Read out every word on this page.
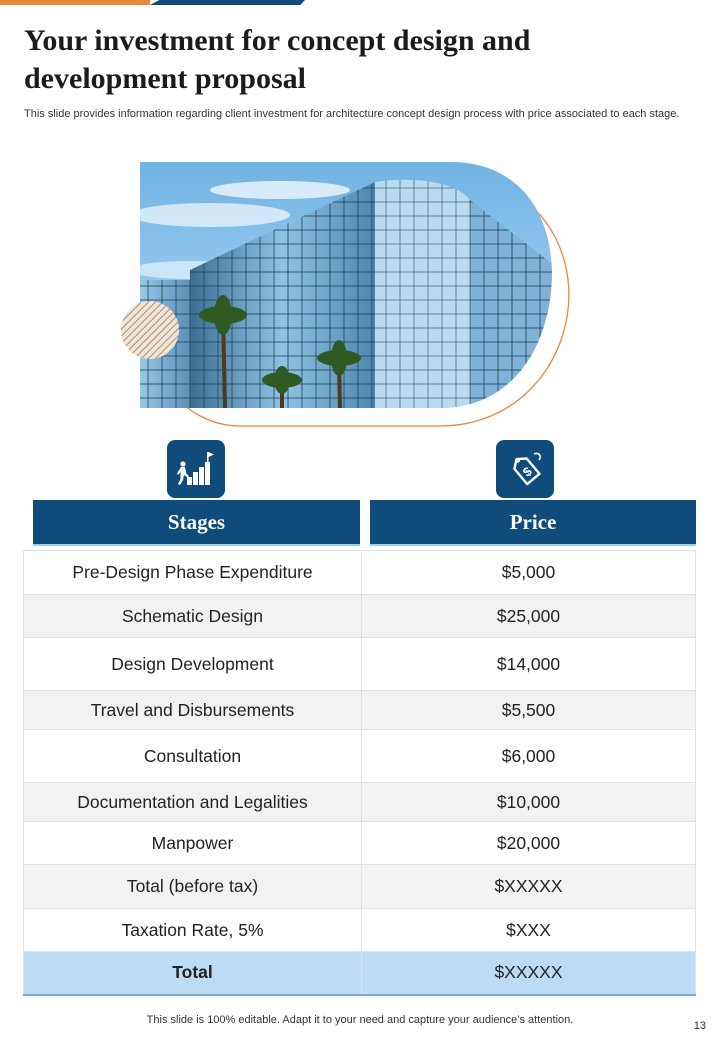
Your investment for concept design and development proposal

This slide provides information regarding client investment for architecture concept design process with price associated to each stage.

$
Stages	Price
Pre-Design Phase Expenditure	$5,000
Schematic Design	$25,000
Design Development	$14,000
Travel and Disbursements	$5,500
Consultation	$6,000
Documentation and Legalities	$10,000
Manpower	$20,000
Total (before tax)	$XXXXX
Taxation Rate, 5%	$XXX
Total	$XXXXX

This slide is 100% editable. Adapt it to your need and capture your audience’s attention.	13
